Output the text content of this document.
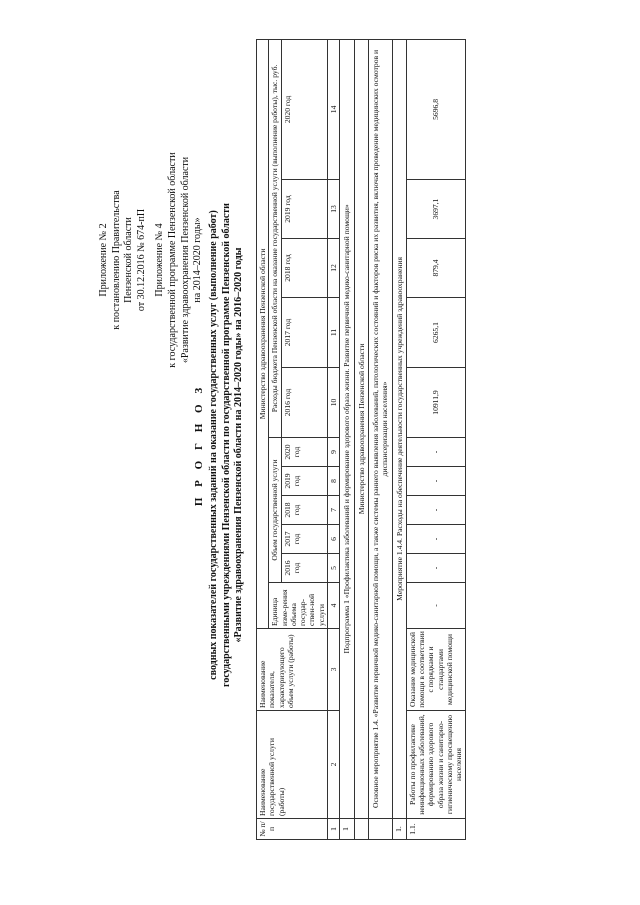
Приложение № 2 к постановлению Правительства Пензенской области от 30.12.2016 № 674-пП Приложение № 4 к государственной программе Пензенской области «Развитие здравоохранения Пензенской области на 2014–2020 годы»
П Р О Г Н О З сводных показателей государственных заданий на оказание государственных услуг (выполнение работ) государственными учреждениями Пензенской области по государственной программе Пензенской области «Развитие здравоохранения Пензенской области на 2014–2020 годы» на 2016–2020 годы
№ п/п	Наименование государственной услуги (работы)	Наименование показателя, характеризующего объем услуги (работы)	Министерство здравоохранения Пензенской области										
			Единица изме-рения объема государ-ствен-ной услуги	Объем государственной услуги					Расходы бюджета Пензенской области на оказание государственной услуги (выполнение работы), тыс. руб.				
				2016 год	2017 год	2018 год	2019 год	2020 год	2016 год	2017 год	2018 год	2019 год	2020 год

1	2	3	4	5	6	7	8	9	10	11	12	13	14
1	Подпрограмма 1 «Профилактика заболеваний и формирование здорового образа жизни. Развитие первичной медико-санитарной помощи»												
	Министерство здравоохранения Пензенской области												
	Основное мероприятие 1.4. «Развитие первичной медико-санитарной помощи, а также системы раннего выявления заболеваний, патологических состояний и факторов риска их развития, включая проведение медицинских осмотров и диспансеризации населения»												
1.	Мероприятие 1.4.4. Расходы на обеспечение деятельности государственных учреждений здравоохранения												
1.1.	Работы по профилактике неинфекционных заболеваний, формированию здорового образа жизни и санитарно-гигиеническому просвещению населения	Оказание медицинской помощи в соответствии с порядками и стандартами медицинской помощи	-	-	-	-	-	-	10911,9	6265,1	879,4	3697,1	5696,8
